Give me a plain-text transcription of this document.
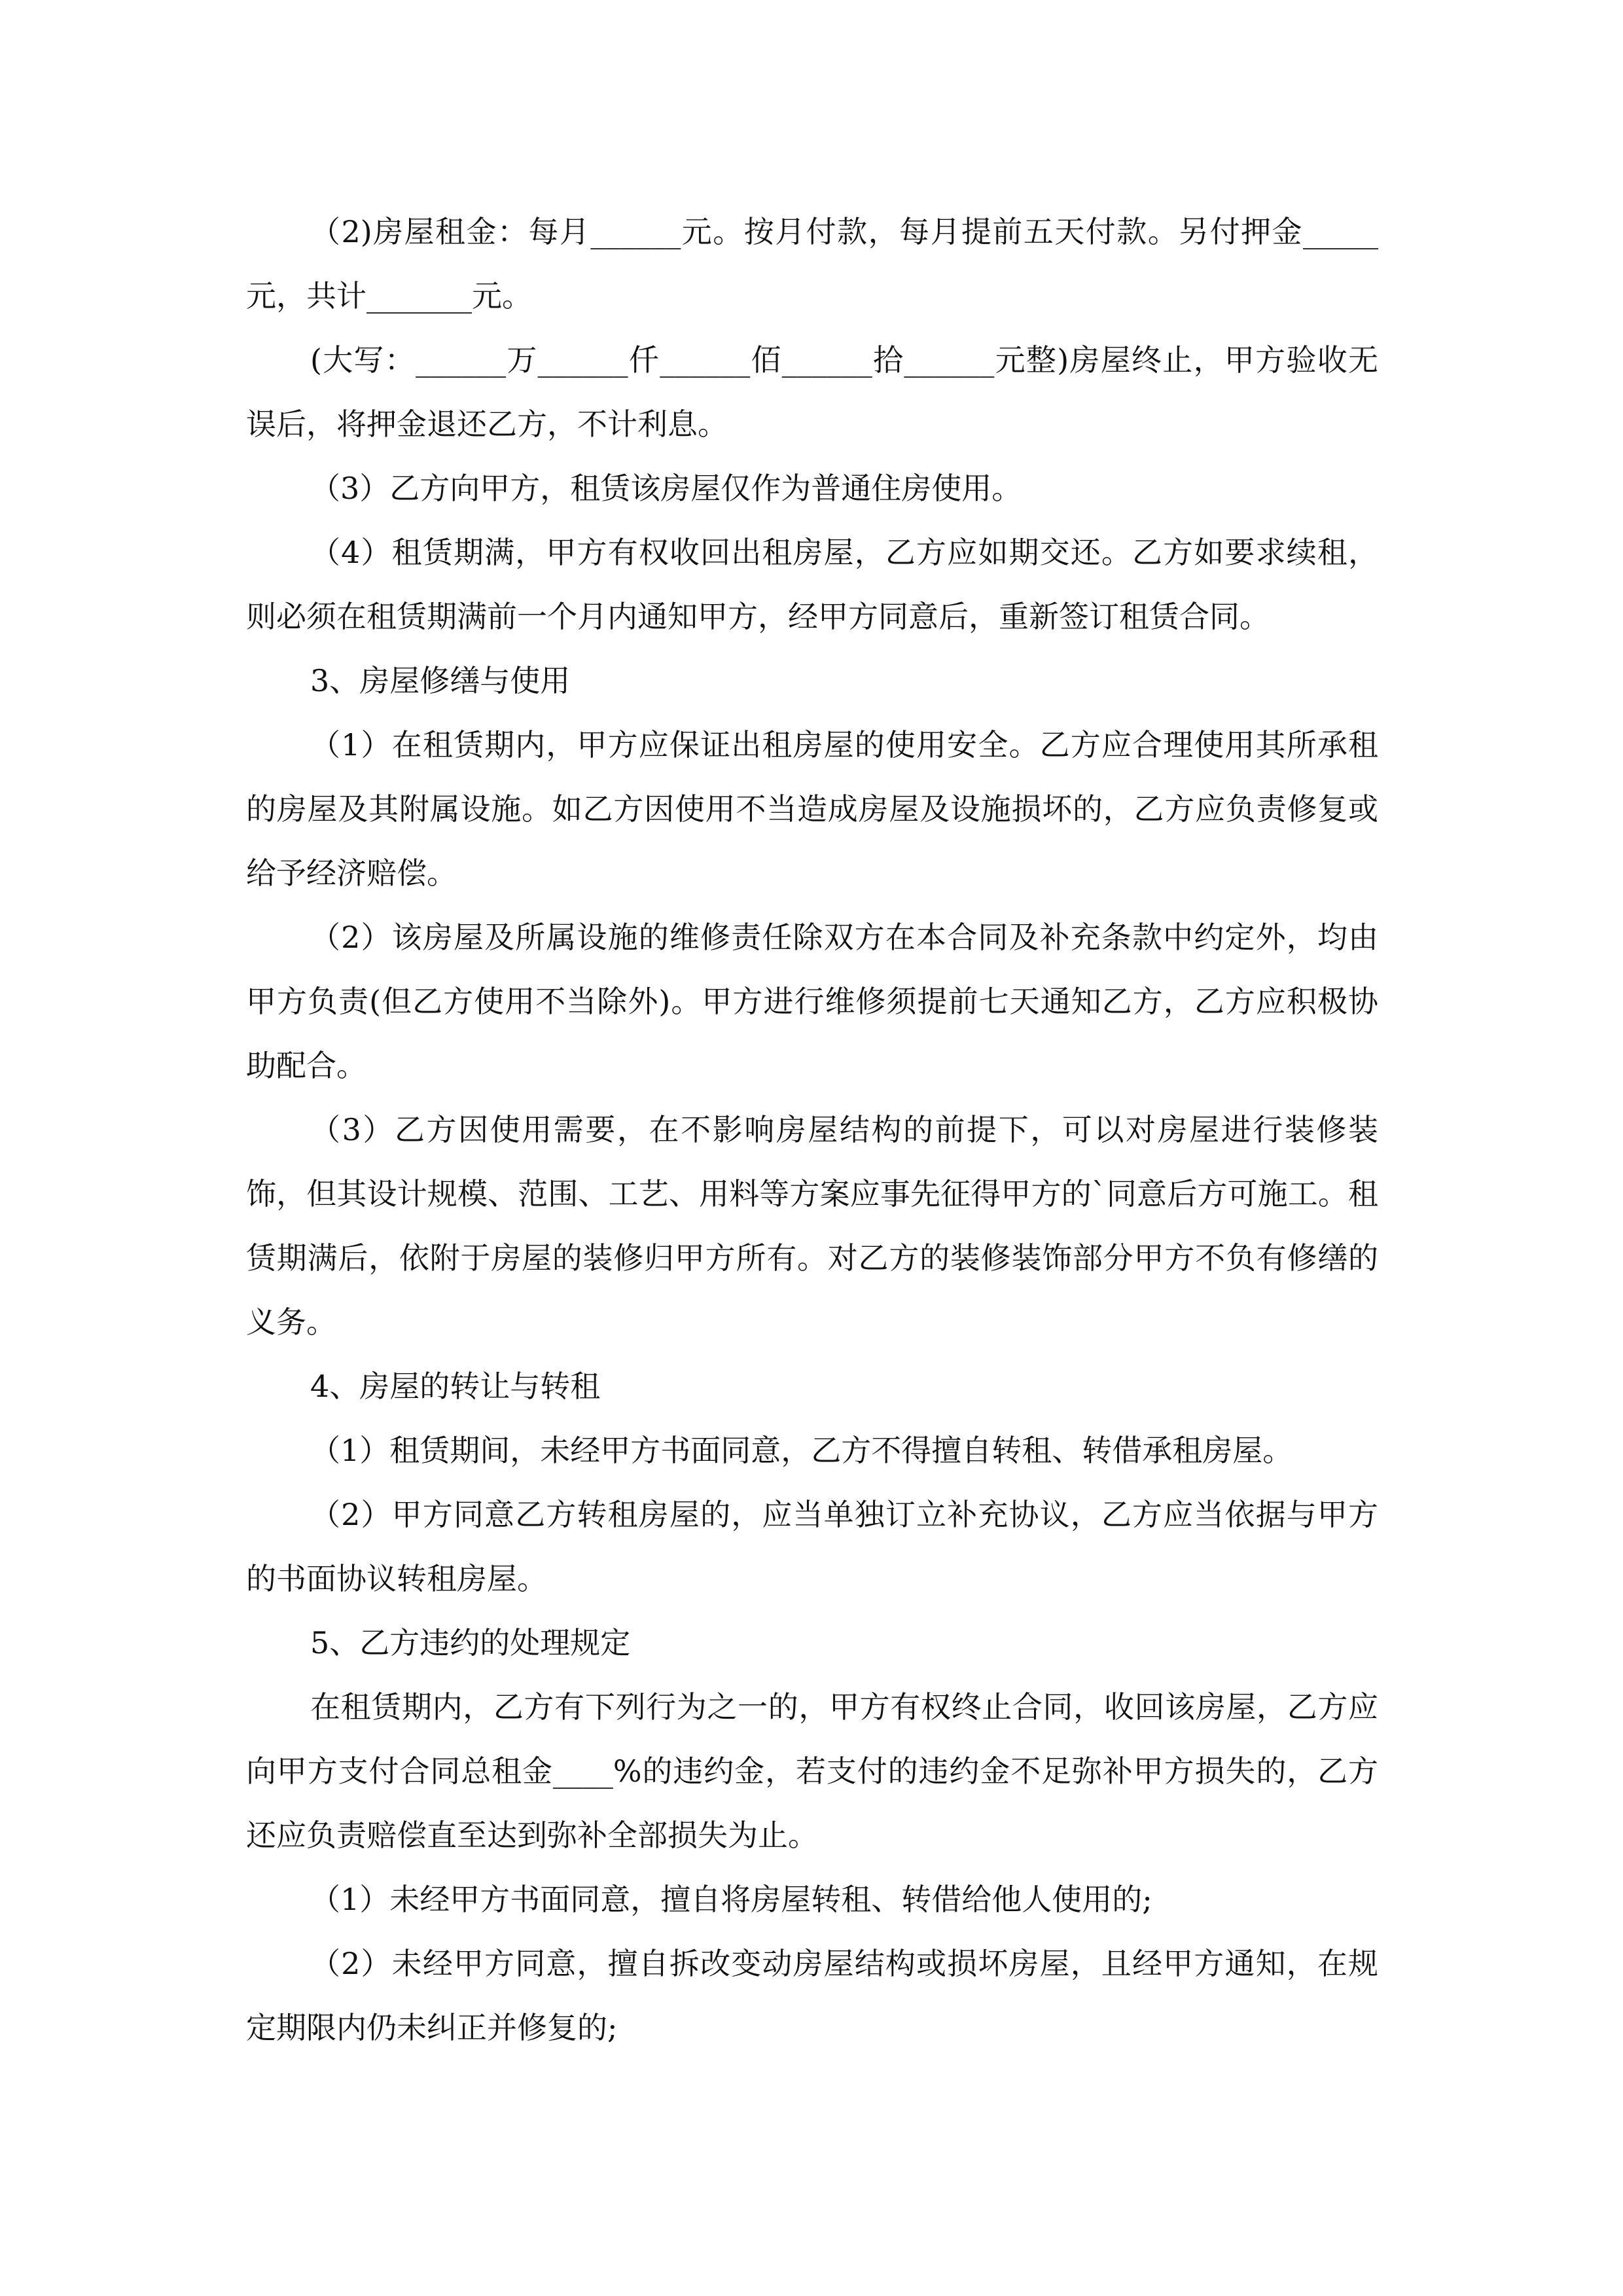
（2)房屋租金：每月______元。按月付款，每月提前五天付款。另付押金_____元，共计_______元。

(大写：______万______仟______佰______拾______元整)房屋终止，甲方验收无误后，将押金退还乙方，不计利息。

（3）乙方向甲方，租赁该房屋仅作为普通住房使用。

（4）租赁期满，甲方有权收回出租房屋，乙方应如期交还。乙方如要求续租，则必须在租赁期满前一个月内通知甲方，经甲方同意后，重新签订租赁合同。

3、房屋修缮与使用

（1）在租赁期内，甲方应保证出租房屋的使用安全。乙方应合理使用其所承租的房屋及其附属设施。如乙方因使用不当造成房屋及设施损坏的，乙方应负责修复或给予经济赔偿。

（2）该房屋及所属设施的维修责任除双方在本合同及补充条款中约定外，均由甲方负责(但乙方使用不当除外)。甲方进行维修须提前七天通知乙方，乙方应积极协助配合。

（3）乙方因使用需要，在不影响房屋结构的前提下，可以对房屋进行装修装饰，但其设计规模、范围、工艺、用料等方案应事先征得甲方的`同意后方可施工。租赁期满后，依附于房屋的装修归甲方所有。对乙方的装修装饰部分甲方不负有修缮的义务。

4、房屋的转让与转租

（1）租赁期间，未经甲方书面同意，乙方不得擅自转租、转借承租房屋。

（2）甲方同意乙方转租房屋的，应当单独订立补充协议，乙方应当依据与甲方的书面协议转租房屋。

5、乙方违约的处理规定

在租赁期内，乙方有下列行为之一的，甲方有权终止合同，收回该房屋，乙方应向甲方支付合同总租金____%的违约金，若支付的违约金不足弥补甲方损失的，乙方还应负责赔偿直至达到弥补全部损失为止。

（1）未经甲方书面同意，擅自将房屋转租、转借给他人使用的;

（2）未经甲方同意，擅自拆改变动房屋结构或损坏房屋，且经甲方通知，在规定期限内仍未纠正并修复的;
